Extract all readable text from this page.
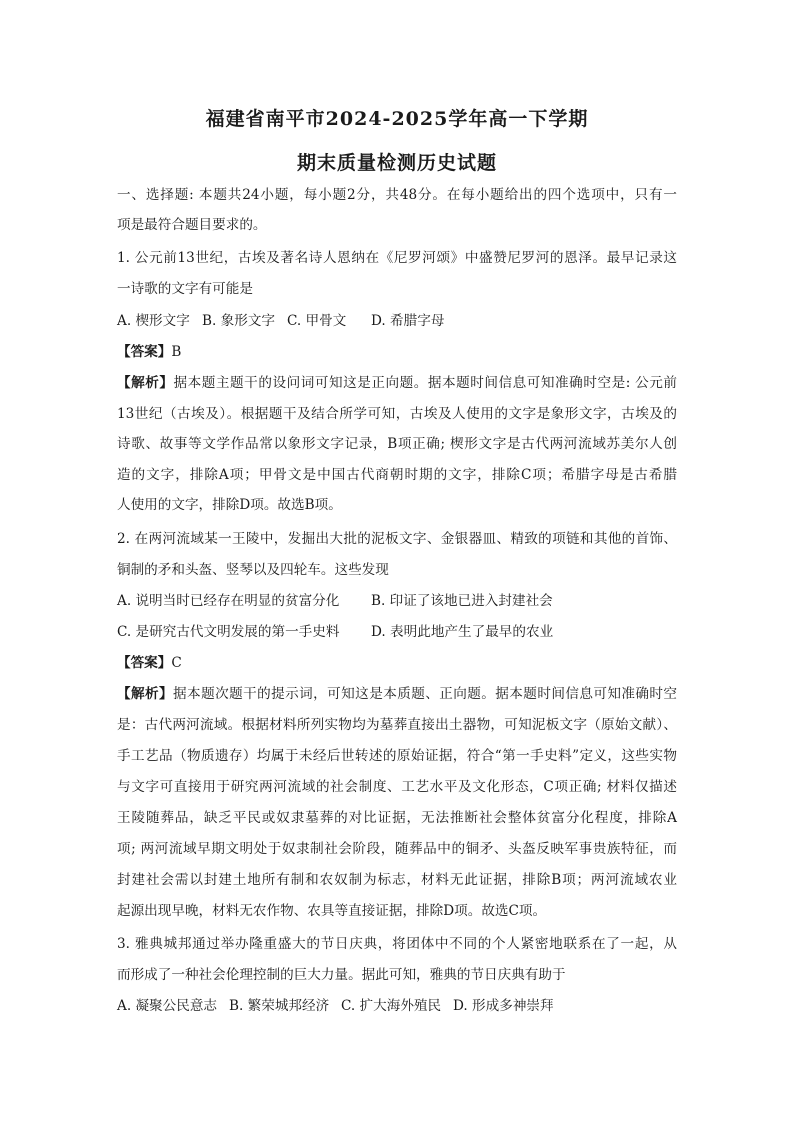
福建省南平市2024-2025学年高一下学期
期末质量检测历史试题
一、选择题: 本题共24小题，每小题2分，共48分。在每小题给出的四个选项中，只有一
项是最符合题目要求的。
1. 公元前13世纪，古埃及著名诗人恩纳在《尼罗河颂》中盛赞尼罗河的恩泽。最早记录这
一诗歌的文字有可能是
A. 楔形文字 B. 象形文字 C. 甲骨文 D. 希腊字母
【答案】B
【解析】据本题主题干的设问词可知这是正向题。据本题时间信息可知准确时空是: 公元前
13世纪（古埃及）。根据题干及结合所学可知，古埃及人使用的文字是象形文字，古埃及的
诗歌、故事等文学作品常以象形文字记录，B项正确; 楔形文字是古代两河流域苏美尔人创
造的文字，排除A项；甲骨文是中国古代商朝时期的文字，排除C项；希腊字母是古希腊
人使用的文字，排除D项。故选B项。
2. 在两河流域某一王陵中，发掘出大批的泥板文字、金银器皿、精致的项链和其他的首饰、
铜制的矛和头盔、竖琴以及四轮车。这些发现
A. 说明当时已经存在明显的贫富分化 B. 印证了该地已进入封建社会
C. 是研究古代文明发展的第一手史料 D. 表明此地产生了最早的农业
【答案】C
【解析】据本题次题干的提示词，可知这是本质题、正向题。据本题时间信息可知准确时空
是：古代两河流域。根据材料所列实物均为墓葬直接出土器物，可知泥板文字（原始文献）、
手工艺品（物质遗存）均属于未经后世转述的原始证据，符合“第一手史料”定义，这些实物
与文字可直接用于研究两河流域的社会制度、工艺水平及文化形态，C项正确; 材料仅描述
王陵随葬品，缺乏平民或奴隶墓葬的对比证据，无法推断社会整体贫富分化程度，排除A
项; 两河流域早期文明处于奴隶制社会阶段，随葬品中的铜矛、头盔反映军事贵族特征，而
封建社会需以封建土地所有制和农奴制为标志，材料无此证据，排除B项；两河流域农业
起源出现早晚，材料无农作物、农具等直接证据，排除D项。故选C项。
3. 雅典城邦通过举办隆重盛大的节日庆典，将团体中不同的个人紧密地联系在了一起，从
而形成了一种社会伦理控制的巨大力量。据此可知，雅典的节日庆典有助于
A. 凝聚公民意志 B. 繁荣城邦经济 C. 扩大海外殖民 D. 形成多神崇拜
